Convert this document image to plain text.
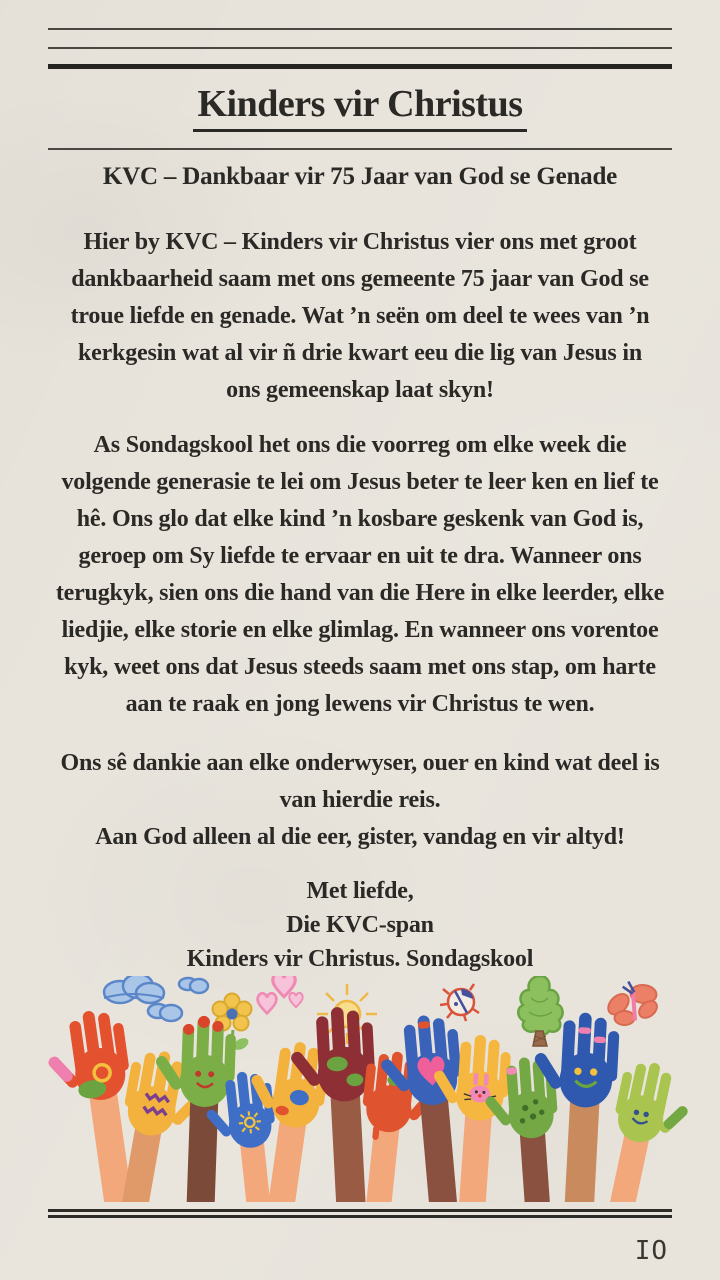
Kinders vir Christus
KVC – Dankbaar vir 75 Jaar van God se Genade

Hier by KVC – Kinders vir Christus vier ons met groot dankbaarheid saam met ons gemeente 75 jaar van God se troue liefde en genade. Wat ’n seën om deel te wees van ’n kerkgesin wat al vir ñ drie kwart eeu die lig van Jesus in ons gemeenskap laat skyn!

As Sondagskool het ons die voorreg om elke week die volgende generasie te lei om Jesus beter te leer ken en lief te hê. Ons glo dat elke kind ’n kosbare geskenk van God is, geroep om Sy liefde te ervaar en uit te dra. Wanneer ons terugkyk, sien ons die hand van die Here in elke leerder, elke liedjie, elke storie en elke glimlag. En wanneer ons vorentoe kyk, weet ons dat Jesus steeds saam met ons stap, om harte aan te raak en jong lewens vir Christus te wen.

Ons sê dankie aan elke onderwyser, ouer en kind wat deel is van hierdie reis.
Aan God alleen al die eer, gister, vandag en vir altyd!

Met liefde,
Die KVC-span
Kinders vir Christus. Sondagskool
IO
